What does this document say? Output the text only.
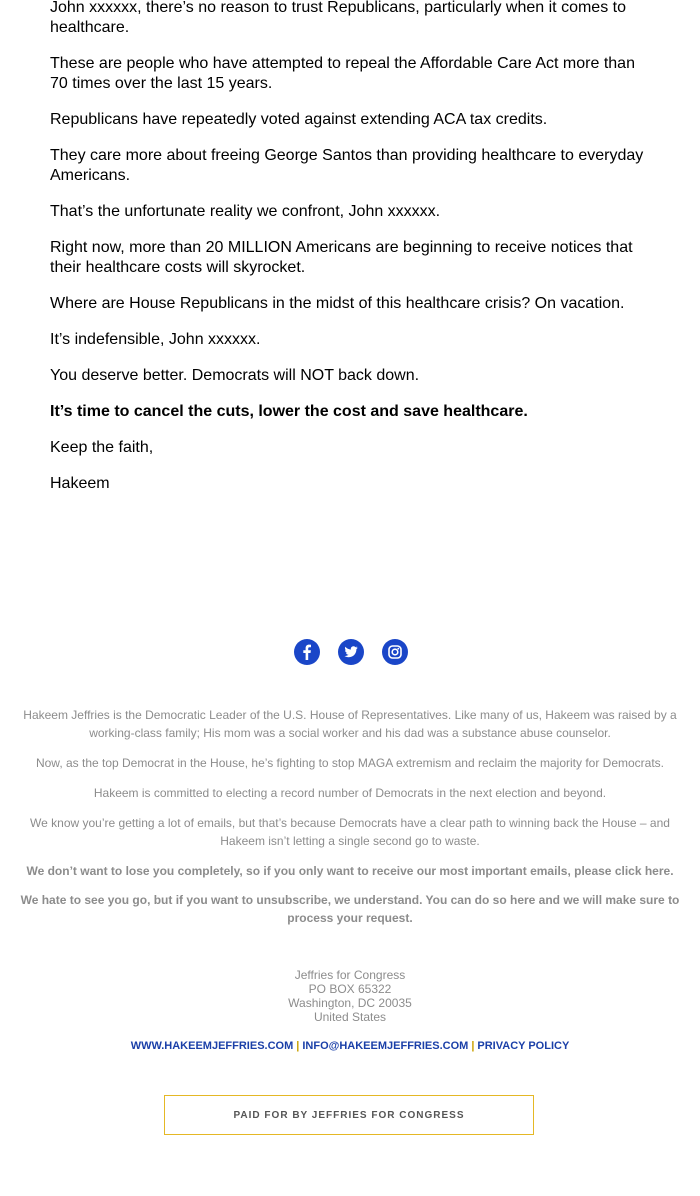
John xxxxxx, there’s no reason to trust Republicans, particularly when it comes to healthcare.

These are people who have attempted to repeal the Affordable Care Act more than 70 times over the last 15 years.

Republicans have repeatedly voted against extending ACA tax credits.

They care more about freeing George Santos than providing healthcare to everyday Americans.

That’s the unfortunate reality we confront, John xxxxxx.

Right now, more than 20 MILLION Americans are beginning to receive notices that their healthcare costs will skyrocket.

Where are House Republicans in the midst of this healthcare crisis? On vacation.

It’s indefensible, John xxxxxx.

You deserve better. Democrats will NOT back down.

It’s time to cancel the cuts, lower the cost and save healthcare.

Keep the faith,

Hakeem

Hakeem Jeffries is the Democratic Leader of the U.S. House of Representatives. Like many of us, Hakeem was raised by a working-class family; His mom was a social worker and his dad was a substance abuse counselor.

Now, as the top Democrat in the House, he’s fighting to stop MAGA extremism and reclaim the majority for Democrats.

Hakeem is committed to electing a record number of Democrats in the next election and beyond.

We know you’re getting a lot of emails, but that’s because Democrats have a clear path to winning back the House – and Hakeem isn’t letting a single second go to waste.

We don’t want to lose you completely, so if you only want to receive our most important emails, please click here.

We hate to see you go, but if you want to unsubscribe, we understand. You can do so here and we will make sure to process your request.

Jeffries for Congress
PO BOX 65322
Washington, DC 20035
United States
WWW.HAKEEMJEFFRIES.COM | INFO@HAKEEMJEFFRIES.COM | PRIVACY POLICY
PAID FOR BY JEFFRIES FOR CONGRESS
